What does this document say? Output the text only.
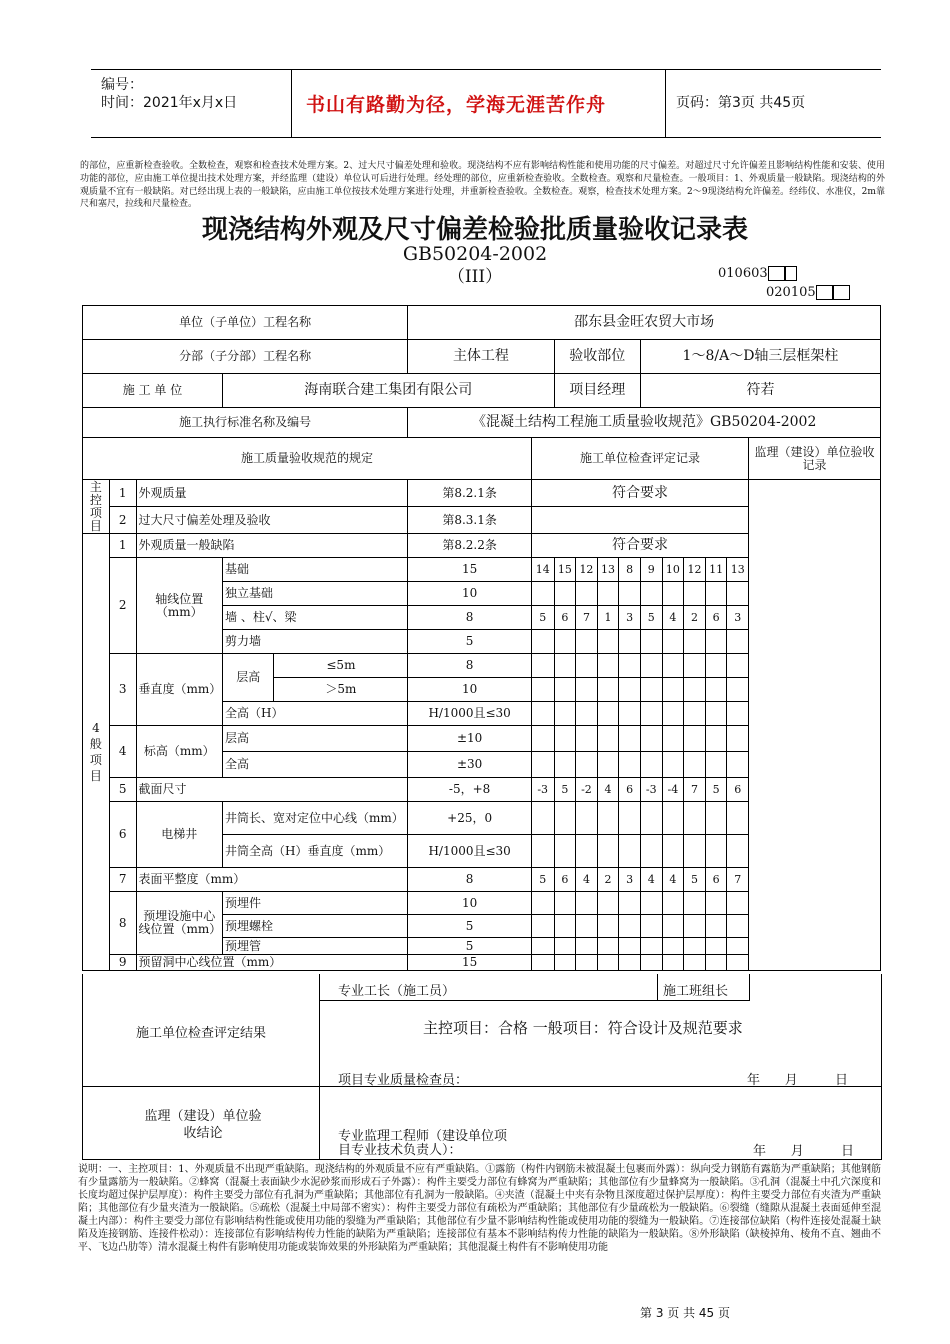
编号：
时间：2021年x月x日	书山有路勤为径，学海无涯苦作舟	页码：第3页 共45页
的部位，应重新检查验收。全数检查，观察和检查技术处理方案。2、过大尺寸偏差处理和验收。现浇结构不应有影响结构性能和使用功能的尺寸偏差。对超过尺寸允许偏差且影响结构性能和安装、使用功能的部位，应由施工单位提出技术处理方案，并经监理（建设）单位认可后进行处理。经处理的部位，应重新检查验收。全数检查。观察和尺量检查。一般项目：1、外观质量一般缺陷。现浇结构的外观质量不宜有一般缺陷。对已经出现上表的一般缺陷，应由施工单位按技术处理方案进行处理，并重新检查验收。全数检查。观察，检查技术处理方案。2～9现浇结构允许偏差。经纬仪、水准仪，2m靠尺和塞尺，拉线和尺量检查。
现浇结构外观及尺寸偏差检验批质量验收记录表
GB50204-2002
（III）	010603
020105
单位（子单位）工程名称					邵东县金旺农贸大市场											
分部（子分部）工程名称					主体工程		验收部位				1～8/A～D轴三层框架柱					
施 工 单 位			海南联合建工集团有限公司				项目经理				符若					
施工执行标准名称及编号					《混凝土结构工程施工质量验收规范》GB50204-2002											
施工质量验收规范的规定						施工单位检查评定记录										监理（建设）单位验收记录
主控项目	1	外观质量			第8.2.1条	符合要求										
	2	过大尺寸偏差处理及验收			第8.3.1条											
4 般 项 目	1	外观质量一般缺陷			第8.2.2条	符合要求										
	2	轴线位置（mm）	基础		15	14	15	12	13	8	9	10	12	11	13	
			独立基础		10											
			墙 、柱√、梁		8	5	6	7	1	3	5	4	2	6	3	
			剪力墙		5											
	3	垂直度（mm）	层高	≤5m	8											
				＞5m	10											
			全高（H）		H/1000且≤30											
	4	标高（mm）	层高		±10											
			全高		±30											
	5	截面尺寸			-5，+8	-3	5	-2	4	6	-3	-4	7	5	6	
	6	电梯井	井筒长、宽对定位中心线（mm）		+25，0											
			井筒全高（H）垂直度（mm）		H/1000且≤30											
	7	表面平整度（mm）			8	5	6	4	2	3	4	4	5	6	7	
	8	预埋设施中心线位置（mm）	预埋件		10											
			预埋螺栓		5											
			预埋管		5											
	9	预留洞中心线位置（mm）			15											
专业工长（施工员）	施工班组长
施工单位检查评定结果	主控项目：合格 一般项目：符合设计及规范要求
项目专业质量检查员：	年      月         日
监理（建设）单位验收结论	专业监理工程师（建设单位项目专业技术负责人）：	年      月         日
说明：一、主控项目：1、外观质量不出现严重缺陷。现浇结构的外观质量不应有严重缺陷。①露筋（构件内钢筋未被混凝土包裹而外露）：纵向受力钢筋有露筋为严重缺陷；其他钢筋有少量露筋为一般缺陷。②蜂窝（混凝土表面缺少水泥砂浆而形成石子外露）：构件主要受力部位有蜂窝为严重缺陷；其他部位有少量蜂窝为一般缺陷。③孔洞（混凝土中孔穴深度和长度均超过保护层厚度）：构件主要受力部位有孔洞为严重缺陷；其他部位有孔洞为一般缺陷。④夹渣（混凝土中夹有杂物且深度超过保护层厚度）：构件主要受力部位有夹渣为严重缺陷；其他部位有少量夹渣为一般缺陷。⑤疏松（混凝土中局部不密实）：构件主要受力部位有疏松为严重缺陷；其他部位有少量疏松为一般缺陷。⑥裂缝（缝隙从混凝土表面延伸至混凝土内部）：构件主要受力部位有影响结构性能或使用功能的裂缝为严重缺陷；其他部位有少量不影响结构性能或使用功能的裂缝为一般缺陷。⑦连接部位缺陷（构件连接处混凝土缺陷及连接钢筋、连接件松动）：连接部位有影响结构传力性能的缺陷为严重缺陷；连接部位有基本不影响结构传力性能的缺陷为一般缺陷。⑧外形缺陷（缺棱掉角、棱角不直、翘曲不平、飞边凸肋等）清水混凝土构件有影响使用功能或装饰效果的外形缺陷为严重缺陷；其他混凝土构件有不影响使用功能
第 3 页 共 45 页
